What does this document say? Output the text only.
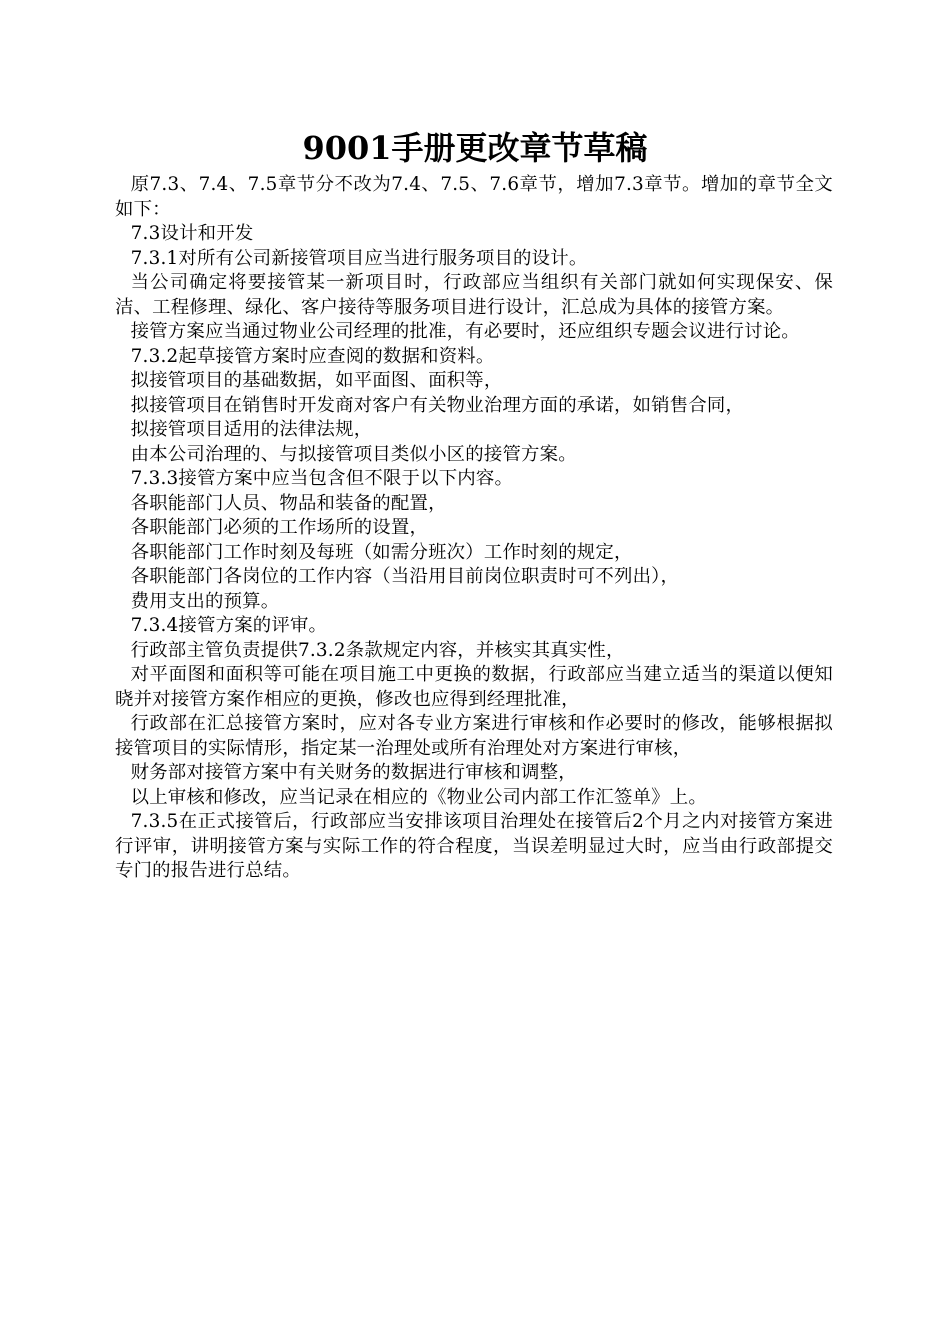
9001手册更改章节草稿

原7.3、7.4、7.5章节分不改为7.4、7.5、7.6章节，增加7.3章节。增加的章节全文如下：

7.3设计和开发

7.3.1对所有公司新接管项目应当进行服务项目的设计。

当公司确定将要接管某一新项目时，行政部应当组织有关部门就如何实现保安、保洁、工程修理、绿化、客户接待等服务项目进行设计，汇总成为具体的接管方案。

接管方案应当通过物业公司经理的批准，有必要时，还应组织专题会议进行讨论。

7.3.2起草接管方案时应查阅的数据和资料。

拟接管项目的基础数据，如平面图、面积等，

拟接管项目在销售时开发商对客户有关物业治理方面的承诺，如销售合同，

拟接管项目适用的法律法规，

由本公司治理的、与拟接管项目类似小区的接管方案。

7.3.3接管方案中应当包含但不限于以下内容。

各职能部门人员、物品和装备的配置，

各职能部门必须的工作场所的设置，

各职能部门工作时刻及每班（如需分班次）工作时刻的规定，

各职能部门各岗位的工作内容（当沿用目前岗位职责时可不列出），

费用支出的预算。

7.3.4接管方案的评审。

行政部主管负责提供7.3.2条款规定内容，并核实其真实性，

对平面图和面积等可能在项目施工中更换的数据，行政部应当建立适当的渠道以便知晓并对接管方案作相应的更换，修改也应得到经理批准，

行政部在汇总接管方案时，应对各专业方案进行审核和作必要时的修改，能够根据拟接管项目的实际情形，指定某一治理处或所有治理处对方案进行审核，

财务部对接管方案中有关财务的数据进行审核和调整，

以上审核和修改，应当记录在相应的《物业公司内部工作汇签单》上。

7.3.5在正式接管后，行政部应当安排该项目治理处在接管后2个月之内对接管方案进行评审，讲明接管方案与实际工作的符合程度，当误差明显过大时，应当由行政部提交专门的报告进行总结。
